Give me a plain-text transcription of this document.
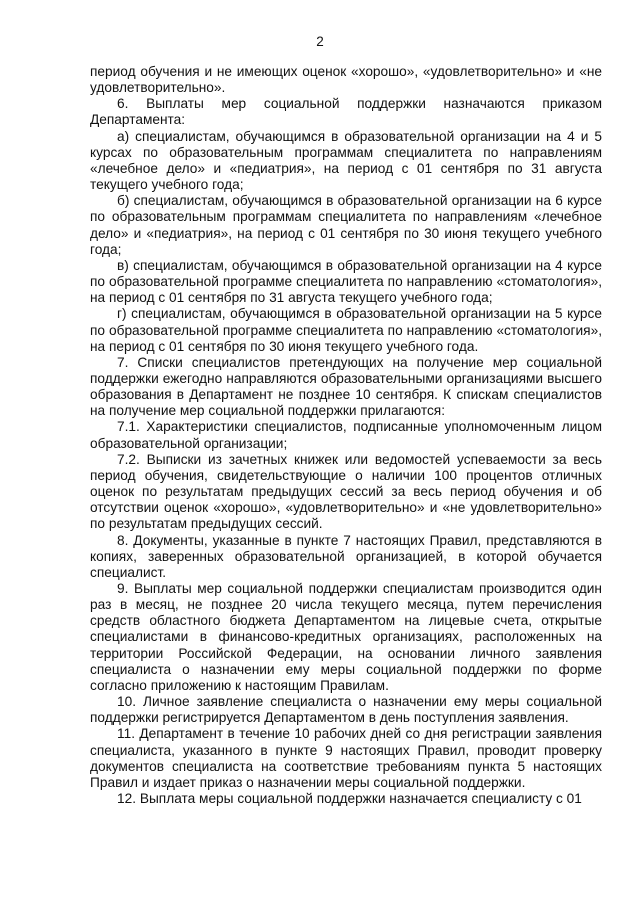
2

период обучения и не имеющих оценок «хорошо», «удовлетворительно» и «не удовлетворительно».

6. Выплаты мер социальной поддержки назначаются приказом Департамента:

а) специалистам, обучающимся в образовательной организации на 4 и 5 курсах по образовательным программам специалитета по направлениям «лечебное дело» и «педиатрия», на период с 01 сентября по 31 августа текущего учебного года;

б) специалистам, обучающимся в образовательной организации на 6 курсе по образовательным программам специалитета по направлениям «лечебное дело» и «педиатрия», на период с 01 сентября по 30 июня текущего учебного года;

в) специалистам, обучающимся в образовательной организации на 4 курсе по образовательной программе специалитета по направлению «стоматология», на период с 01 сентября по 31 августа текущего учебного года;

г) специалистам, обучающимся в образовательной организации на 5 курсе по образовательной программе специалитета по направлению «стоматология», на период с 01 сентября по 30 июня текущего учебного года.

7. Списки специалистов претендующих на получение мер социальной поддержки ежегодно направляются образовательными организациями высшего образования в Департамент не позднее 10 сентября. К спискам специалистов на получение мер социальной поддержки прилагаются:

7.1. Характеристики специалистов, подписанные уполномоченным лицом образовательной организации;

7.2. Выписки из зачетных книжек или ведомостей успеваемости за весь период обучения, свидетельствующие о наличии 100 процентов отличных оценок по результатам предыдущих сессий за весь период обучения и об отсутствии оценок «хорошо», «удовлетворительно» и «не удовлетворительно» по результатам предыдущих сессий.

8. Документы, указанные в пункте 7 настоящих Правил, представляются в копиях, заверенных образовательной организацией, в которой обучается специалист.

9. Выплаты мер социальной поддержки специалистам производится один раз в месяц, не позднее 20 числа текущего месяца, путем перечисления средств областного бюджета Департаментом на лицевые счета, открытые специалистами в финансово-кредитных организациях, расположенных на территории Российской Федерации, на основании личного заявления специалиста о назначении ему меры социальной поддержки по форме согласно приложению к настоящим Правилам.

10. Личное заявление специалиста о назначении ему меры социальной поддержки регистрируется Департаментом в день поступления заявления.

11. Департамент в течение 10 рабочих дней со дня регистрации заявления специалиста, указанного в пункте 9 настоящих Правил, проводит проверку документов специалиста на соответствие требованиям пункта 5 настоящих Правил и издает приказ о назначении меры социальной поддержки.

12. Выплата меры социальной поддержки назначается специалисту с 01
